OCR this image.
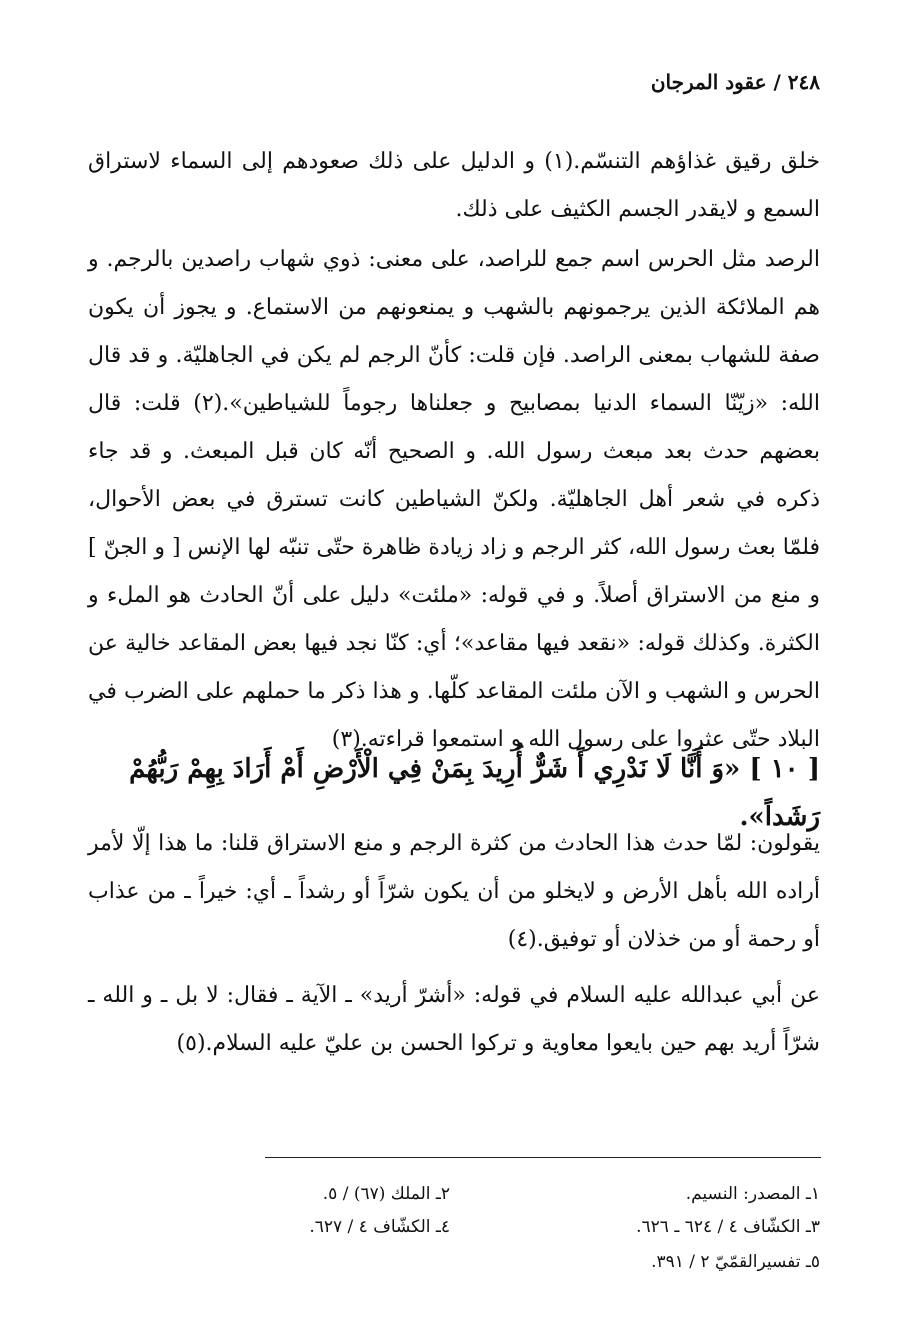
٢٤٨ / عقود المرجان

خلق رقيق غذاؤهم التنسّم.(١) و الدليل على ذلك صعودهم إلى السماء لاستراق السمع و لايقدر الجسم الكثيف على ذلك.

الرصد مثل الحرس اسم جمع للراصد، على معنى: ذوي شهاب راصدين بالرجم. و هم الملائكة الذين يرجمونهم بالشهب و يمنعونهم من الاستماع. و يجوز أن يكون صفة للشهاب بمعنى الراصد. فإن قلت: كأنّ الرجم لم يكن في الجاهليّة. و قد قال الله: «زيّنّا السماء الدنيا بمصابيح و جعلناها رجوماً للشياطين».(٢) قلت: قال بعضهم حدث بعد مبعث رسول الله. و الصحيح أنّه كان قبل المبعث. و قد جاء ذكره في شعر أهل الجاهليّة. ولكنّ الشياطين كانت تسترق في بعض الأحوال، فلمّا بعث رسول الله، كثر الرجم و زاد زيادة ظاهرة حتّى تنبّه لها الإنس [ و الجنّ ] و منع من الاستراق أصلاً. و في قوله: «ملئت» دليل على أنّ الحادث هو الملء و الكثرة. وكذلك قوله: «نقعد فيها مقاعد»؛ أي: كنّا نجد فيها بعض المقاعد خالية عن الحرس و الشهب و الآن ملئت المقاعد كلّها. و هذا ذكر ما حملهم على الضرب في البلاد حتّى عثروا على رسول الله و استمعوا قراءته.(٣)

[ ١٠ ] «وَ أَنَّا لَا نَدْرِي أَ شَرٌّ أُرِيدَ بِمَنْ فِي الْأَرْضِ أَمْ أَرَادَ بِهِمْ رَبُّهُمْ رَشَداً».

يقولون: لمّا حدث هذا الحادث من كثرة الرجم و منع الاستراق قلنا: ما هذا إلّا لأمر أراده الله بأهل الأرض و لايخلو من أن يكون شرّاً أو رشداً ـ أي: خيراً ـ من عذاب أو رحمة أو من خذلان أو توفيق.(٤)

عن أبي عبدالله عليه السلام في قوله: «أشرّ أريد» ـ الآية ـ فقال: لا بل ـ و الله ـ شرّاً أريد بهم حين بايعوا معاوية و تركوا الحسن بن عليّ عليه السلام.(٥)

١ـ المصدر: النسيم.
٢ـ الملك (٦٧) / ٥.
٣ـ الكشّاف ٤ / ٦٢٤ ـ ٦٢٦.
٤ـ الكشّاف ٤ / ٦٢٧.
٥ـ تفسيرالقمّيّ ٢ / ٣٩١.
